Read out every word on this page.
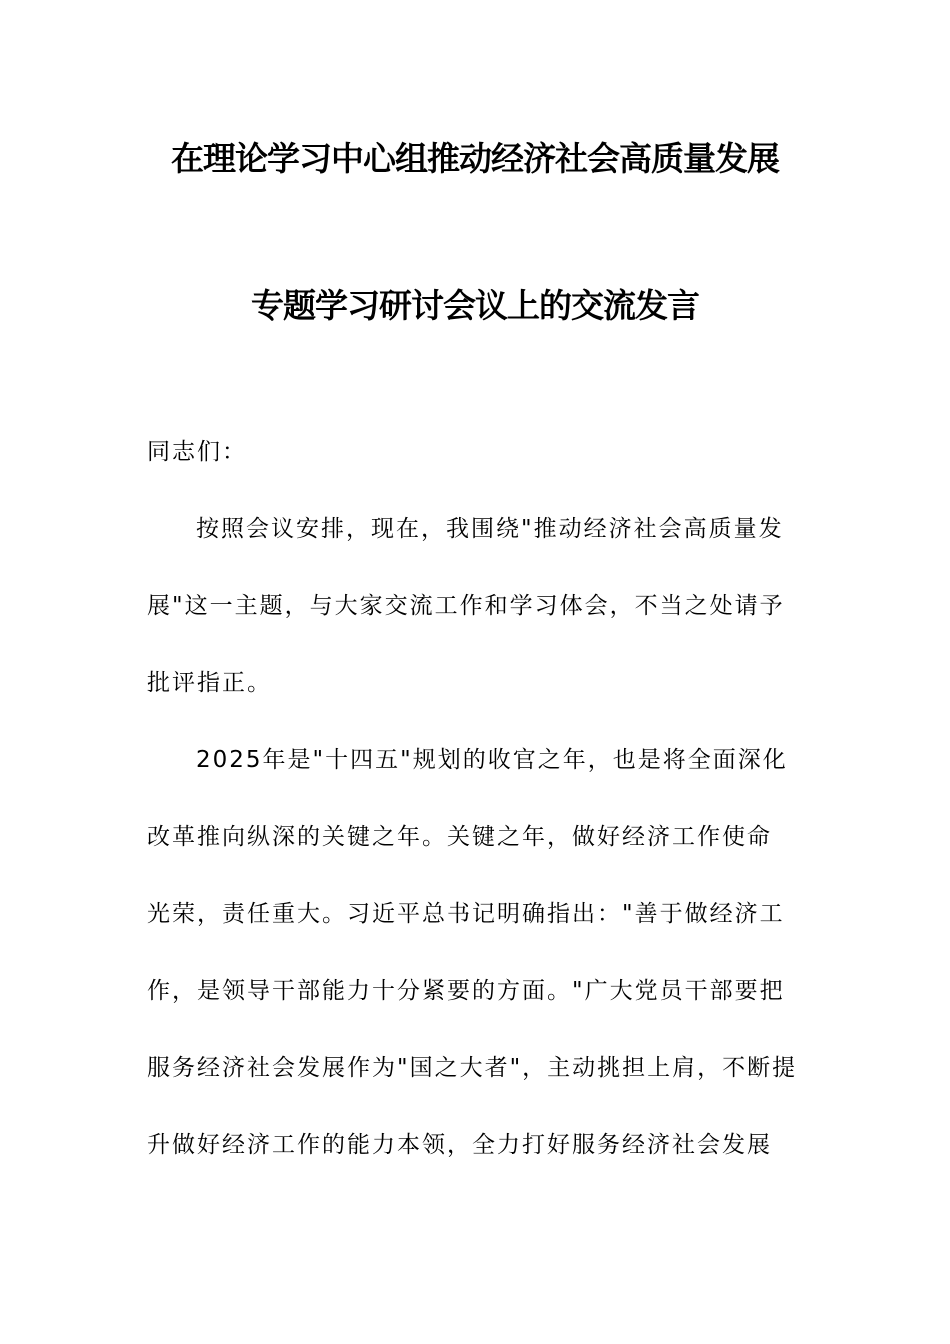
在理论学习中心组推动经济社会高质量发展
专题学习研讨会议上的交流发言
同志们：
按照会议安排，现在，我围绕"推动经济社会高质量发
展"这一主题，与大家交流工作和学习体会，不当之处请予
批评指正。
2025年是"十四五"规划的收官之年，也是将全面深化
改革推向纵深的关键之年。关键之年，做好经济工作使命
光荣，责任重大。习近平总书记明确指出："善于做经济工
作，是领导干部能力十分紧要的方面。"广大党员干部要把
服务经济社会发展作为"国之大者"，主动挑担上肩，不断提
升做好经济工作的能力本领，全力打好服务经济社会发展
